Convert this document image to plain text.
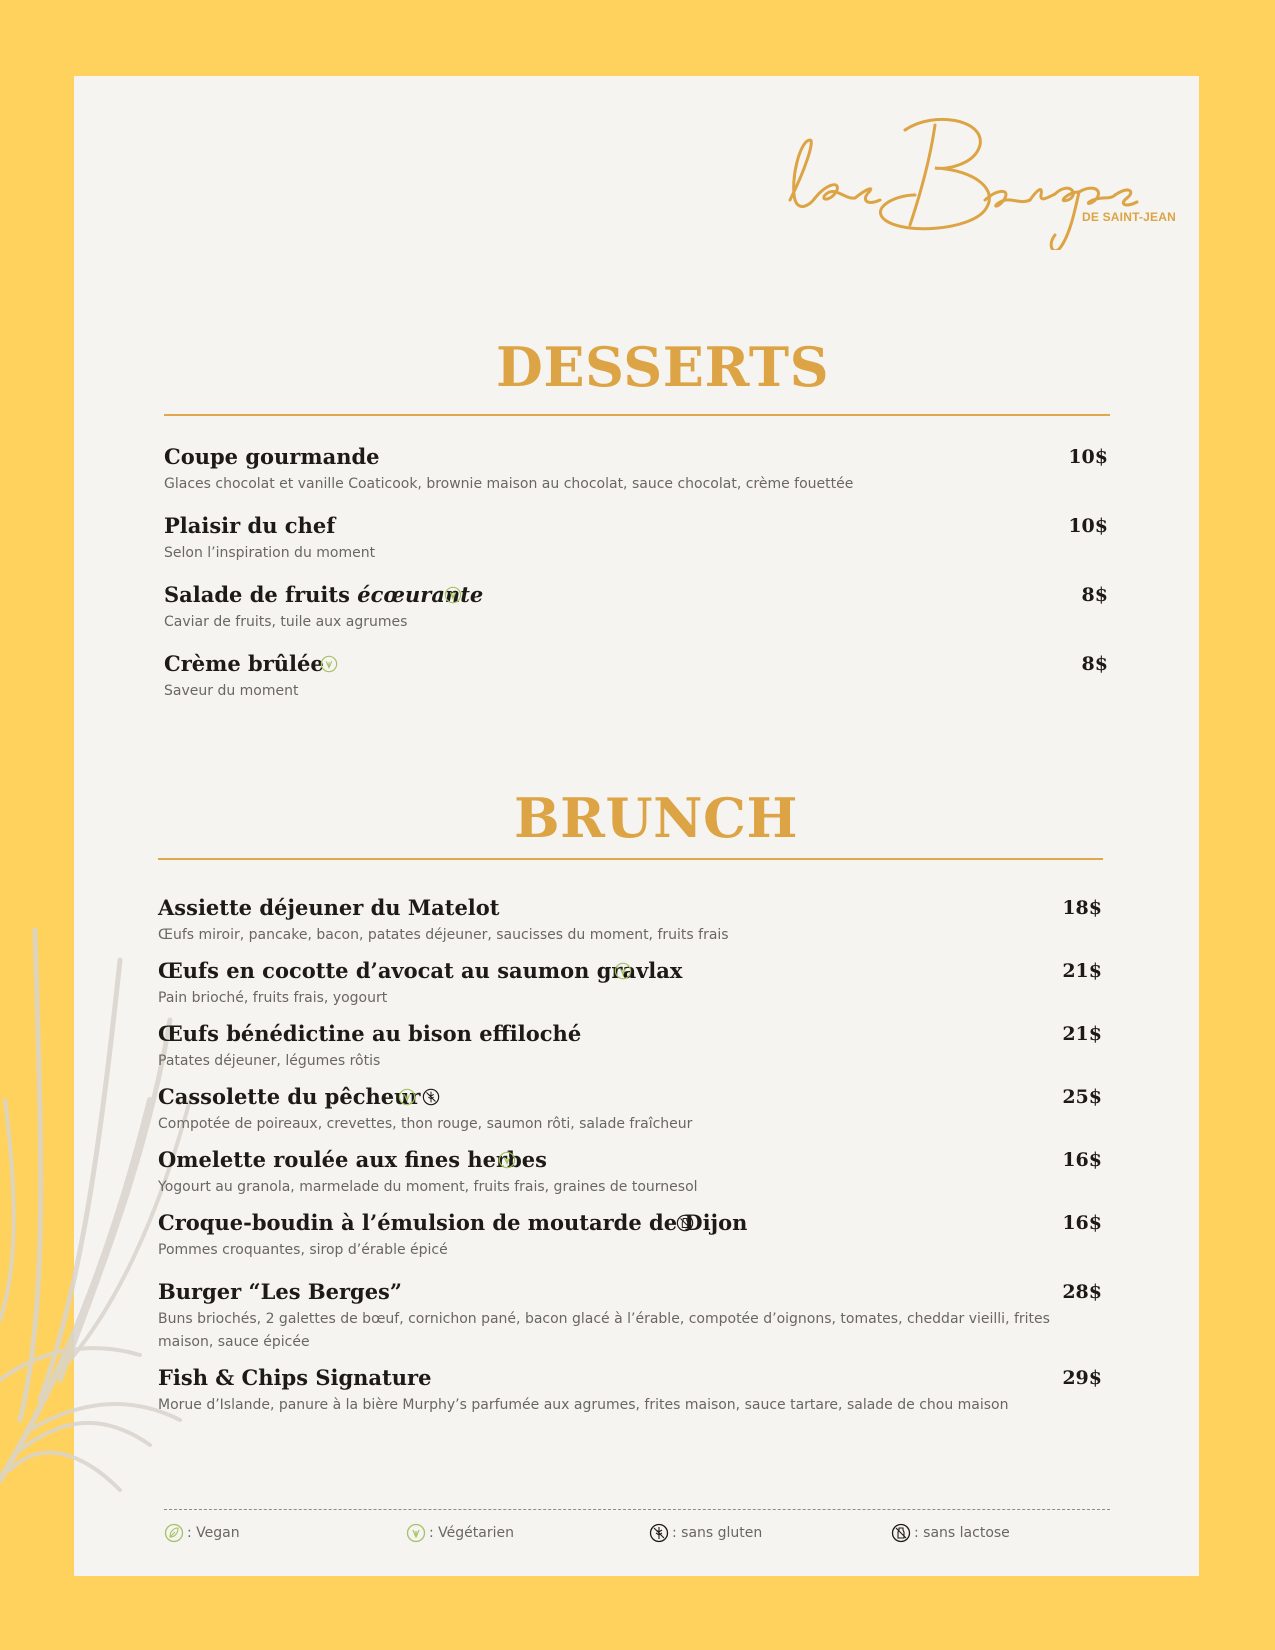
DE SAINT-JEAN
DESSERTS
Coupe gourmande	10$
Glaces chocolat et vanille Coaticook, brownie maison au chocolat, sauce chocolat, crème fouettée
Plaisir du chef	10$
Selon l’inspiration du moment
Salade de fruits écœurante	8$
Caviar de fruits, tuile aux agrumes
Crème brûlée	8$
Saveur du moment
BRUNCH
Assiette déjeuner du Matelot	18$
Œufs miroir, pancake, bacon, patates déjeuner, saucisses du moment, fruits frais
Œufs en cocotte d’avocat au saumon gravlax	21$
Pain brioché, fruits frais, yogourt
Œufs bénédictine au bison effiloché	21$
Patates déjeuner, légumes rôtis
Cassolette du pêcheur	25$
Compotée de poireaux, crevettes, thon rouge, saumon rôti, salade fraîcheur
Omelette roulée aux fines herbes	16$
Yogourt au granola, marmelade du moment, fruits frais, graines de tournesol
Croque-boudin à l’émulsion de moutarde de Dijon	16$
Pommes croquantes, sirop d’érable épicé
Burger “Les Berges”	28$
Buns briochés, 2 galettes de bœuf, cornichon pané, bacon glacé à l’érable, compotée d’oignons, tomates, cheddar vieilli, frites maison, sauce épicée
Fish & Chips Signature	29$
Morue d’Islande, panure à la bière Murphy’s parfumée aux agrumes, frites maison, sauce tartare, salade de chou maison
: Vegan	: Végétarien	: sans gluten	: sans lactose
